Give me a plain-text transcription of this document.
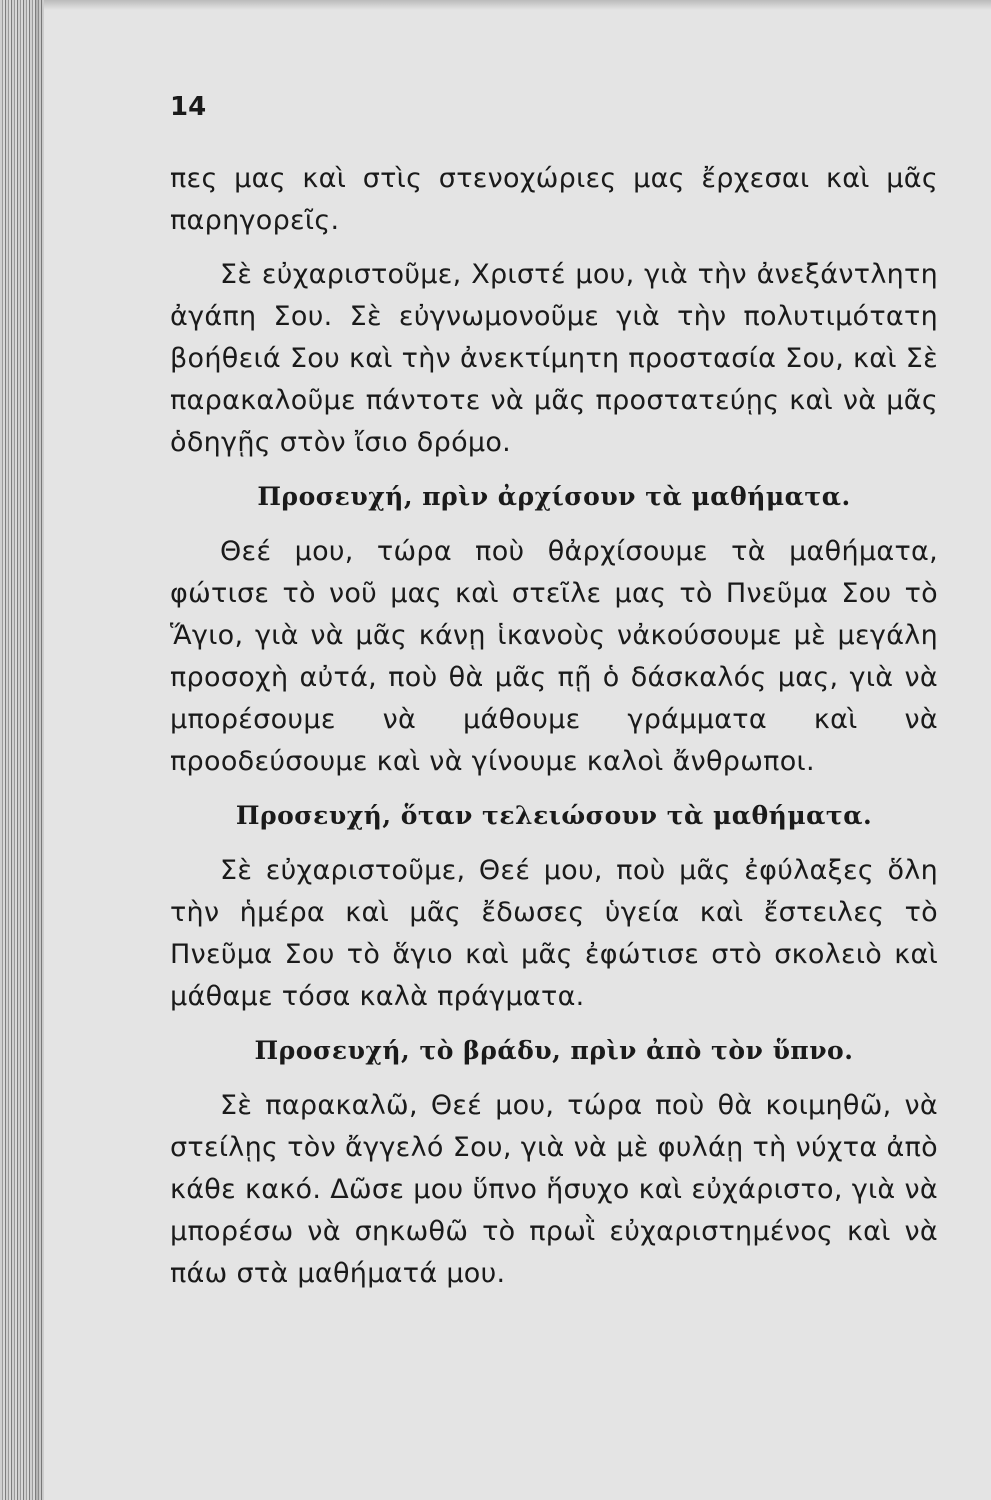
14

πες μας καὶ στὶς στενοχώριες μας ἔρχεσαι καὶ μᾶς παρηγορεῖς.

Σὲ εὐχαριστοῦμε, Χριστέ μου, γιὰ τὴν ἀνεξάντλητη ἀγάπη Σου. Σὲ εὐγνωμονοῦμε γιὰ τὴν πολυτιμότατη βοήθειά Σου καὶ τὴν ἀνεκτίμητη προστασία Σου, καὶ Σὲ παρακαλοῦμε πάντοτε νὰ μᾶς προστατεύῃς καὶ νὰ μᾶς ὁδηγῇς στὸν ἴσιο δρόμο.

Προσευχή, πρὶν ἀρχίσουν τὰ μαθήματα.

Θεέ μου, τώρα ποὺ θἀρχίσουμε τὰ μαθήματα, φώτισε τὸ νοῦ μας καὶ στεῖλε μας τὸ Πνεῦμα Σου τὸ Ἅγιο, γιὰ νὰ μᾶς κάνῃ ἱκανοὺς νἀκούσουμε μὲ μεγάλη προσοχὴ αὐτά, ποὺ θὰ μᾶς πῇ ὁ δάσκαλός μας, γιὰ νὰ μπορέσουμε νὰ μάθουμε γράμματα καὶ νὰ προοδεύσουμε καὶ νὰ γίνουμε καλοὶ ἄνθρωποι.

Προσευχή, ὅταν τελειώσουν τὰ μαθήματα.

Σὲ εὐχαριστοῦμε, Θεέ μου, ποὺ μᾶς ἐφύλαξες ὅλη τὴν ἡμέρα καὶ μᾶς ἔδωσες ὑγεία καὶ ἔστειλες τὸ Πνεῦμα Σου τὸ ἅγιο καὶ μᾶς ἐφώτισε στὸ σκολειὸ καὶ μάθαμε τόσα καλὰ πράγματα.

Προσευχή, τὸ βράδυ, πρὶν ἀπὸ τὸν ὕπνο.

Σὲ παρακαλῶ, Θεέ μου, τώρα ποὺ θὰ κοιμηθῶ, νὰ στείλῃς τὸν ἄγγελό Σου, γιὰ νὰ μὲ φυλάῃ τὴ νύχτα ἀπὸ κάθε κακό. Δῶσε μου ὕπνο ἥσυχο καὶ εὐχάριστο, γιὰ νὰ μπορέσω νὰ σηκωθῶ τὸ πρωῒ εὐχαριστημένος καὶ νὰ πάω στὰ μαθήματά μου.
